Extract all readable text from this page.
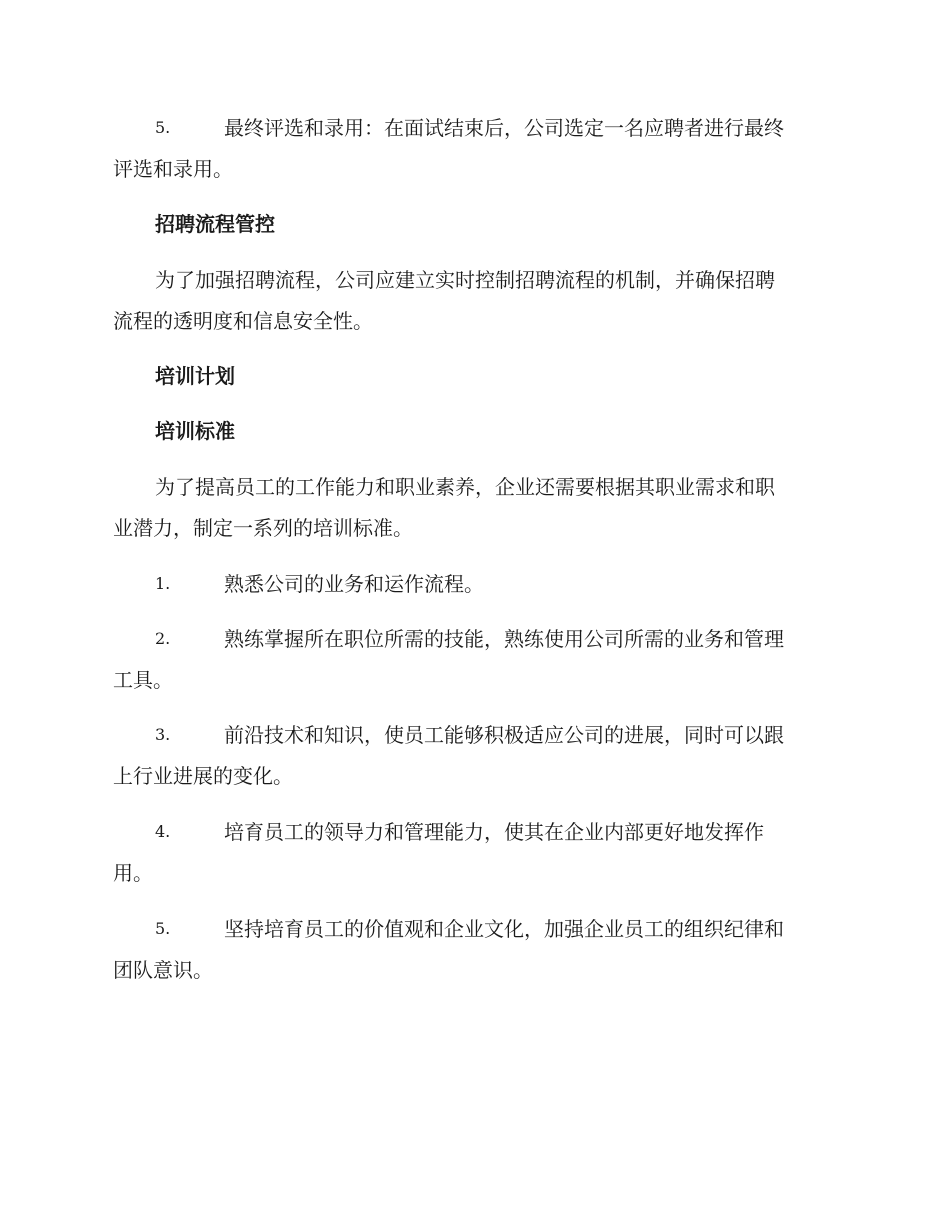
5.	最终评选和录用：在面试结束后，公司选定一名应聘者进行最终
评选和录用。
招聘流程管控
为了加强招聘流程，公司应建立实时控制招聘流程的机制，并确保招聘
流程的透明度和信息安全性。
培训计划
培训标准
为了提高员工的工作能力和职业素养，企业还需要根据其职业需求和职
业潜力，制定一系列的培训标准。
1.	熟悉公司的业务和运作流程。
2.	熟练掌握所在职位所需的技能，熟练使用公司所需的业务和管理
工具。
3.	前沿技术和知识，使员工能够积极适应公司的进展，同时可以跟
上行业进展的变化。
4.	培育员工的领导力和管理能力，使其在企业内部更好地发挥作
用。
5.	坚持培育员工的价值观和企业文化，加强企业员工的组织纪律和
团队意识。
